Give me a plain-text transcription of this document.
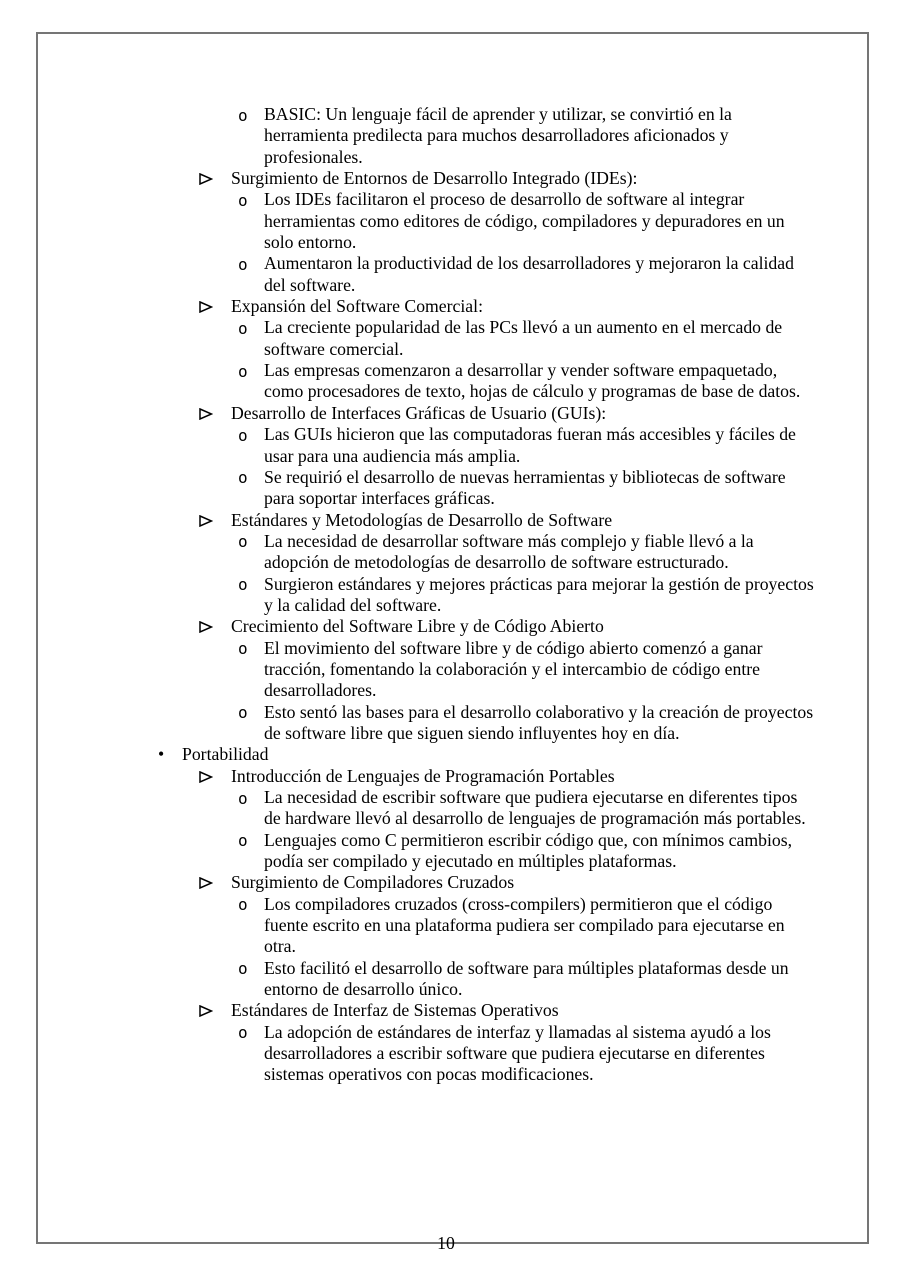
o BASIC: Un lenguaje fácil de aprender y utilizar, se convirtió en la herramienta predilecta para muchos desarrolladores aficionados y profesionales.
Surgimiento de Entornos de Desarrollo Integrado (IDEs):
o Los IDEs facilitaron el proceso de desarrollo de software al integrar herramientas como editores de código, compiladores y depuradores en un solo entorno.
o Aumentaron la productividad de los desarrolladores y mejoraron la calidad del software.
Expansión del Software Comercial:
o La creciente popularidad de las PCs llevó a un aumento en el mercado de software comercial.
o Las empresas comenzaron a desarrollar y vender software empaquetado, como procesadores de texto, hojas de cálculo y programas de base de datos.
Desarrollo de Interfaces Gráficas de Usuario (GUIs):
o Las GUIs hicieron que las computadoras fueran más accesibles y fáciles de usar para una audiencia más amplia.
o Se requirió el desarrollo de nuevas herramientas y bibliotecas de software para soportar interfaces gráficas.
Estándares y Metodologías de Desarrollo de Software
o La necesidad de desarrollar software más complejo y fiable llevó a la adopción de metodologías de desarrollo de software estructurado.
o Surgieron estándares y mejores prácticas para mejorar la gestión de proyectos y la calidad del software.
Crecimiento del Software Libre y de Código Abierto
o El movimiento del software libre y de código abierto comenzó a ganar tracción, fomentando la colaboración y el intercambio de código entre desarrolladores.
o Esto sentó las bases para el desarrollo colaborativo y la creación de proyectos de software libre que siguen siendo influyentes hoy en día.
• Portabilidad
Introducción de Lenguajes de Programación Portables
o La necesidad de escribir software que pudiera ejecutarse en diferentes tipos de hardware llevó al desarrollo de lenguajes de programación más portables.
o Lenguajes como C permitieron escribir código que, con mínimos cambios, podía ser compilado y ejecutado en múltiples plataformas.
Surgimiento de Compiladores Cruzados
o Los compiladores cruzados (cross-compilers) permitieron que el código fuente escrito en una plataforma pudiera ser compilado para ejecutarse en otra.
o Esto facilitó el desarrollo de software para múltiples plataformas desde un entorno de desarrollo único.
Estándares de Interfaz de Sistemas Operativos
o La adopción de estándares de interfaz y llamadas al sistema ayudó a los desarrolladores a escribir software que pudiera ejecutarse en diferentes sistemas operativos con pocas modificaciones.
10
